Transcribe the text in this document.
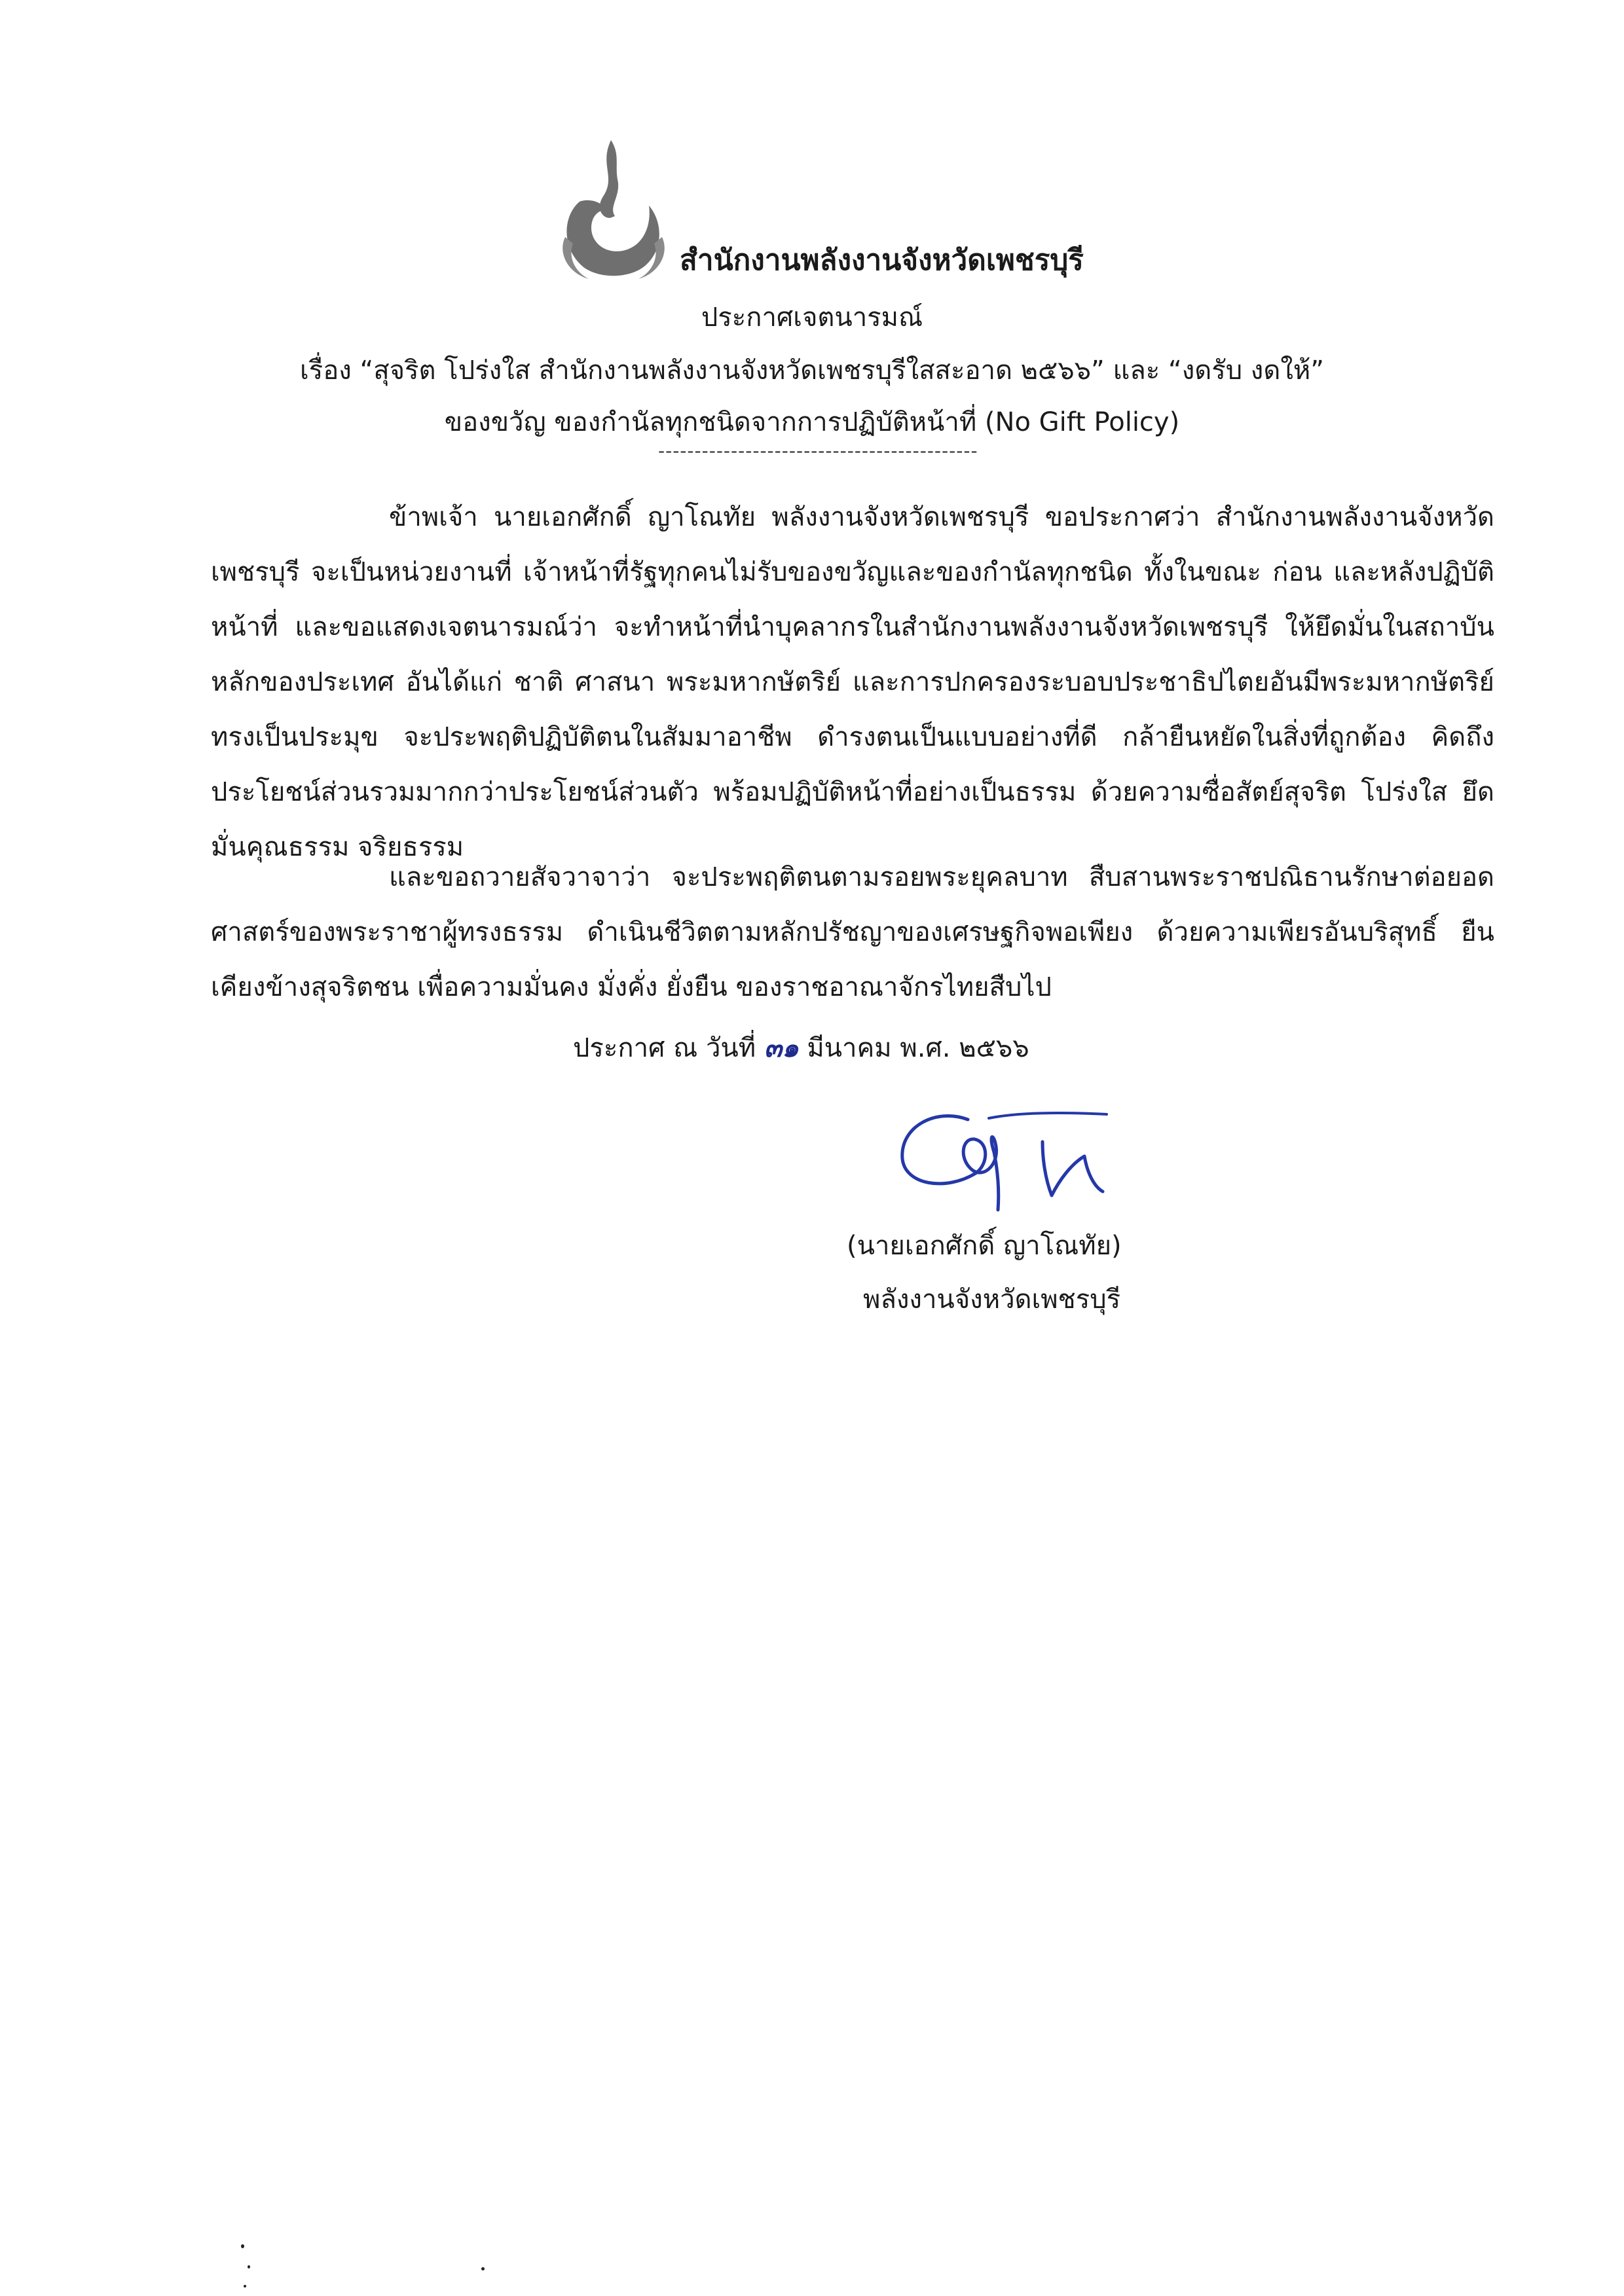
สำนักงานพลังงานจังหวัดเพชรบุรี
ประกาศเจตนารมณ์
เรื่อง “สุจริต โปร่งใส สำนักงานพลังงานจังหวัดเพชรบุรีใสสะอาด ๒๕๖๖” และ “งดรับ งดให้”
ของขวัญ ของกำนัลทุกชนิดจากการปฏิบัติหน้าที่ (No Gift Policy)
--------------------------------------------
ข้าพเจ้า นายเอกศักดิ์ ญาโณทัย พลังงานจังหวัดเพชรบุรี ขอประกาศว่า สำนักงานพลังงานจังหวัดเพชรบุรี จะเป็นหน่วยงานที่ เจ้าหน้าที่รัฐทุกคนไม่รับของขวัญและของกำนัลทุกชนิด ทั้งในขณะ ก่อน และหลังปฏิบัติหน้าที่ และขอแสดงเจตนารมณ์ว่า จะทำหน้าที่นำบุคลากรในสำนักงานพลังงานจังหวัดเพชรบุรี ให้ยึดมั่นในสถาบันหลักของประเทศ อันได้แก่ ชาติ ศาสนา พระมหากษัตริย์ และการปกครองระบอบประชาธิปไตยอันมีพระมหากษัตริย์ทรงเป็นประมุข จะประพฤติปฏิบัติตนในสัมมาอาชีพ ดำรงตนเป็นแบบอย่างที่ดี กล้ายืนหยัดในสิ่งที่ถูกต้อง คิดถึงประโยชน์ส่วนรวมมากกว่าประโยชน์ส่วนตัว พร้อมปฏิบัติหน้าที่อย่างเป็นธรรม ด้วยความซื่อสัตย์สุจริต โปร่งใส ยึดมั่นคุณธรรม จริยธรรม
และขอถวายสัจวาจาว่า จะประพฤติตนตามรอยพระยุคลบาท สืบสานพระราชปณิธานรักษาต่อยอดศาสตร์ของพระราชาผู้ทรงธรรม ดำเนินชีวิตตามหลักปรัชญาของเศรษฐกิจพอเพียง ด้วยความเพียรอันบริสุทธิ์ ยืนเคียงข้างสุจริตชน เพื่อความมั่นคง มั่งคั่ง ยั่งยืน ของราชอาณาจักรไทยสืบไป
ประกาศ ณ วันที่ ๓๑ มีนาคม พ.ศ. ๒๕๖๖
(นายเอกศักดิ์ ญาโณทัย)
พลังงานจังหวัดเพชรบุรี
